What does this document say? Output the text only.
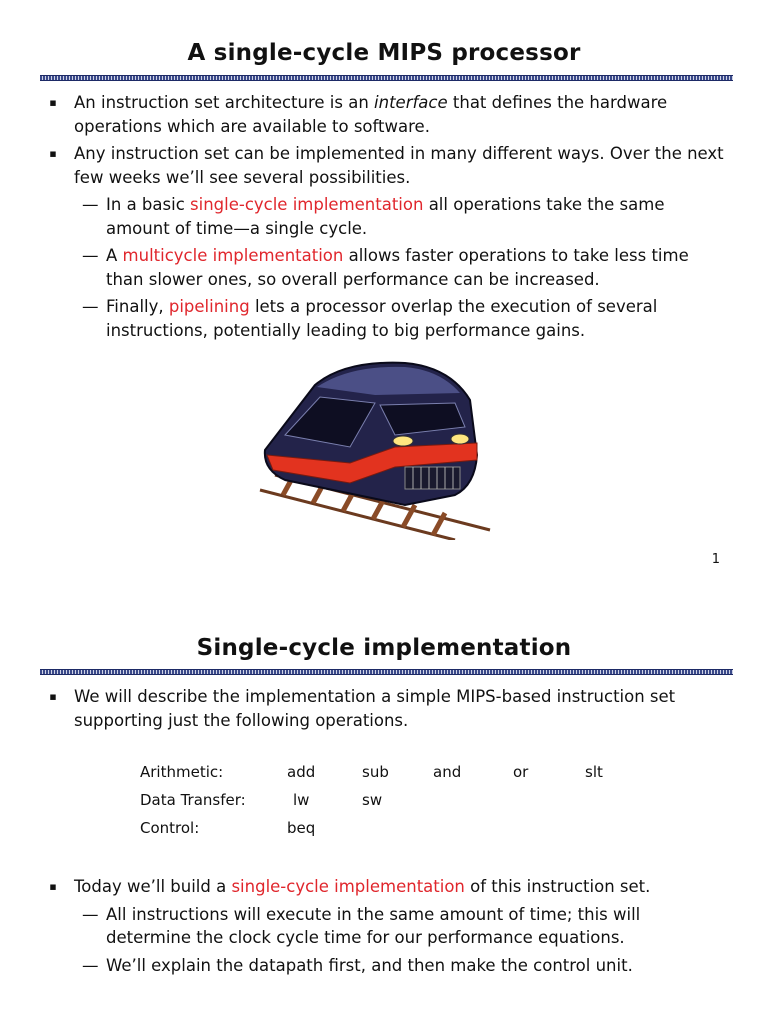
A single-cycle MIPS processor
▪ An instruction set architecture is an interface that defines the hardware operations which are available to software.
▪ Any instruction set can be implemented in many different ways. Over the next few weeks we’ll see several possibilities.
— In a basic single-cycle implementation all operations take the same amount of time—a single cycle.
— A multicycle implementation allows faster operations to take less time than slower ones, so overall performance can be increased.
— Finally, pipelining lets a processor overlap the execution of several instructions, potentially leading to big performance gains.
1
Single-cycle implementation
▪ We will describe the implementation a simple MIPS-based instruction set supporting just the following operations.
Arithmetic:	add	sub	and	or	slt
Data Transfer:	lw	sw
Control:	beq
▪ Today we’ll build a single-cycle implementation of this instruction set.
— All instructions will execute in the same amount of time; this will determine the clock cycle time for our performance equations.
— We’ll explain the datapath first, and then make the control unit.
